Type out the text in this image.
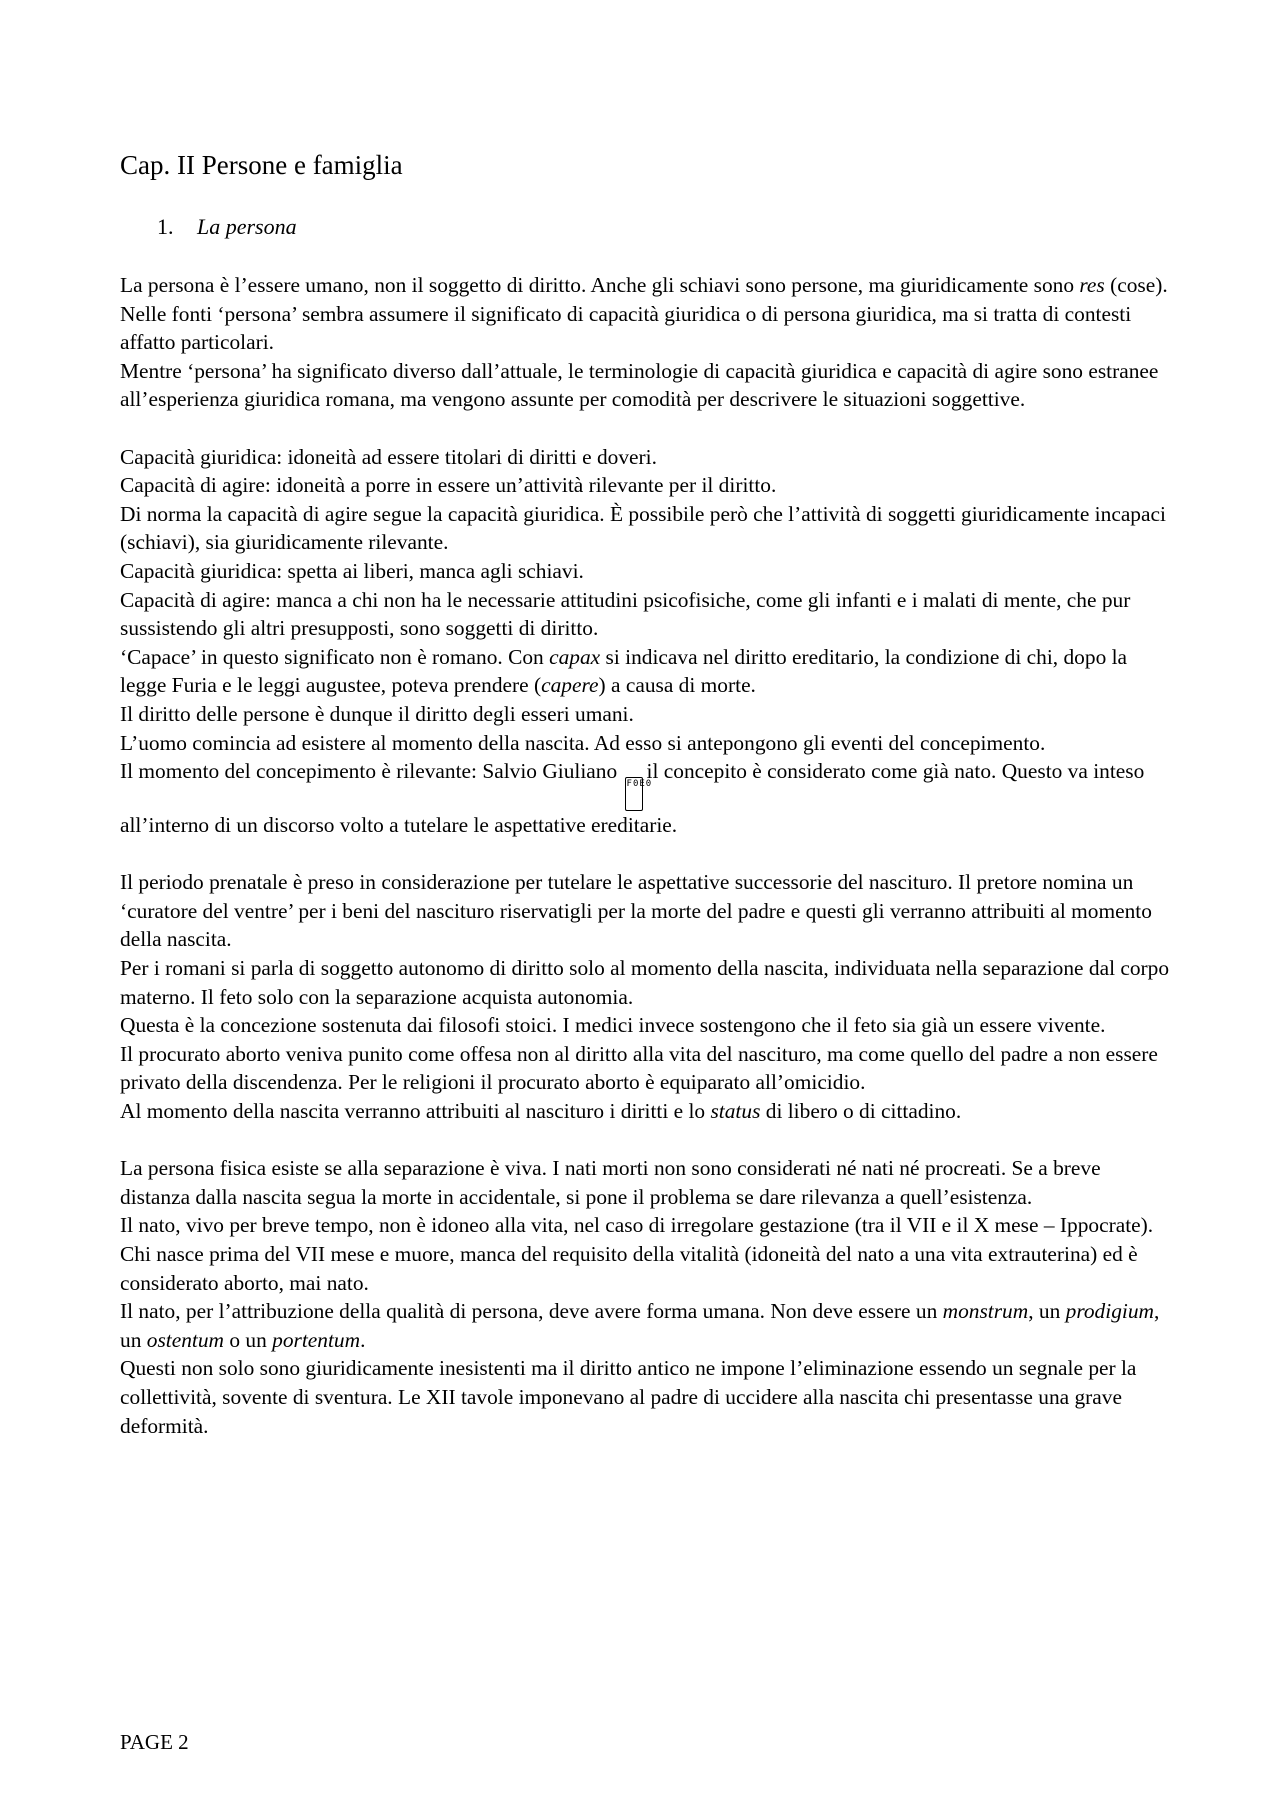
Cap. II Persone e famiglia
1. La persona

La persona è l’essere umano, non il soggetto di diritto. Anche gli schiavi sono persone, ma giuridicamente sono res (cose).

Nelle fonti ‘persona’ sembra assumere il significato di capacità giuridica o di persona giuridica, ma si tratta di contesti affatto particolari.

Mentre ‘persona’ ha significato diverso dall’attuale, le terminologie di capacità giuridica e capacità di agire sono estranee all’esperienza giuridica romana, ma vengono assunte per comodità per descrivere le situazioni soggettive.

Capacità giuridica: idoneità ad essere titolari di diritti e doveri.

Capacità di agire: idoneità a porre in essere un’attività rilevante per il diritto.

Di norma la capacità di agire segue la capacità giuridica. È possibile però che l’attività di soggetti giuridicamente incapaci (schiavi), sia giuridicamente rilevante.

Capacità giuridica: spetta ai liberi, manca agli schiavi.

Capacità di agire: manca a chi non ha le necessarie attitudini psicofisiche, come gli infanti e i malati di mente, che pur sussistendo gli altri presupposti, sono soggetti di diritto.

‘Capace’ in questo significato non è romano. Con capax si indicava nel diritto ereditario, la condizione di chi, dopo la legge Furia e le leggi augustee, poteva prendere (capere) a causa di morte.

Il diritto delle persone è dunque il diritto degli esseri umani.

L’uomo comincia ad esistere al momento della nascita. Ad esso si antepongono gli eventi del concepimento.

Il momento del concepimento è rilevante: Salvio Giuliano F0E0il concepito è considerato come già nato. Questo va inteso all’interno di un discorso volto a tutelare le aspettative ereditarie.

Il periodo prenatale è preso in considerazione per tutelare le aspettative successorie del nascituro. Il pretore nomina un ‘curatore del ventre’ per i beni del nascituro riservatigli per la morte del padre e questi gli verranno attribuiti al momento della nascita.

Per i romani si parla di soggetto autonomo di diritto solo al momento della nascita, individuata nella separazione dal corpo materno. Il feto solo con la separazione acquista autonomia.

Questa è la concezione sostenuta dai filosofi stoici. I medici invece sostengono che il feto sia già un essere vivente.

Il procurato aborto veniva punito come offesa non al diritto alla vita del nascituro, ma come quello del padre a non essere privato della discendenza. Per le religioni il procurato aborto è equiparato all’omicidio.

Al momento della nascita verranno attribuiti al nascituro i diritti e lo status di libero o di cittadino.

La persona fisica esiste se alla separazione è viva. I nati morti non sono considerati né nati né procreati. Se a breve distanza dalla nascita segua la morte in accidentale, si pone il problema se dare rilevanza a quell’esistenza.

Il nato, vivo per breve tempo, non è idoneo alla vita, nel caso di irregolare gestazione (tra il VII e il X mese – Ippocrate). Chi nasce prima del VII mese e muore, manca del requisito della vitalità (idoneità del nato a una vita extrauterina) ed è considerato aborto, mai nato.

Il nato, per l’attribuzione della qualità di persona, deve avere forma umana. Non deve essere un monstrum, un prodigium, un ostentum o un portentum.

Questi non solo sono giuridicamente inesistenti ma il diritto antico ne impone l’eliminazione essendo un segnale per la collettività, sovente di sventura. Le XII tavole imponevano al padre di uccidere alla nascita chi presentasse una grave deformità.

PAGE 2
